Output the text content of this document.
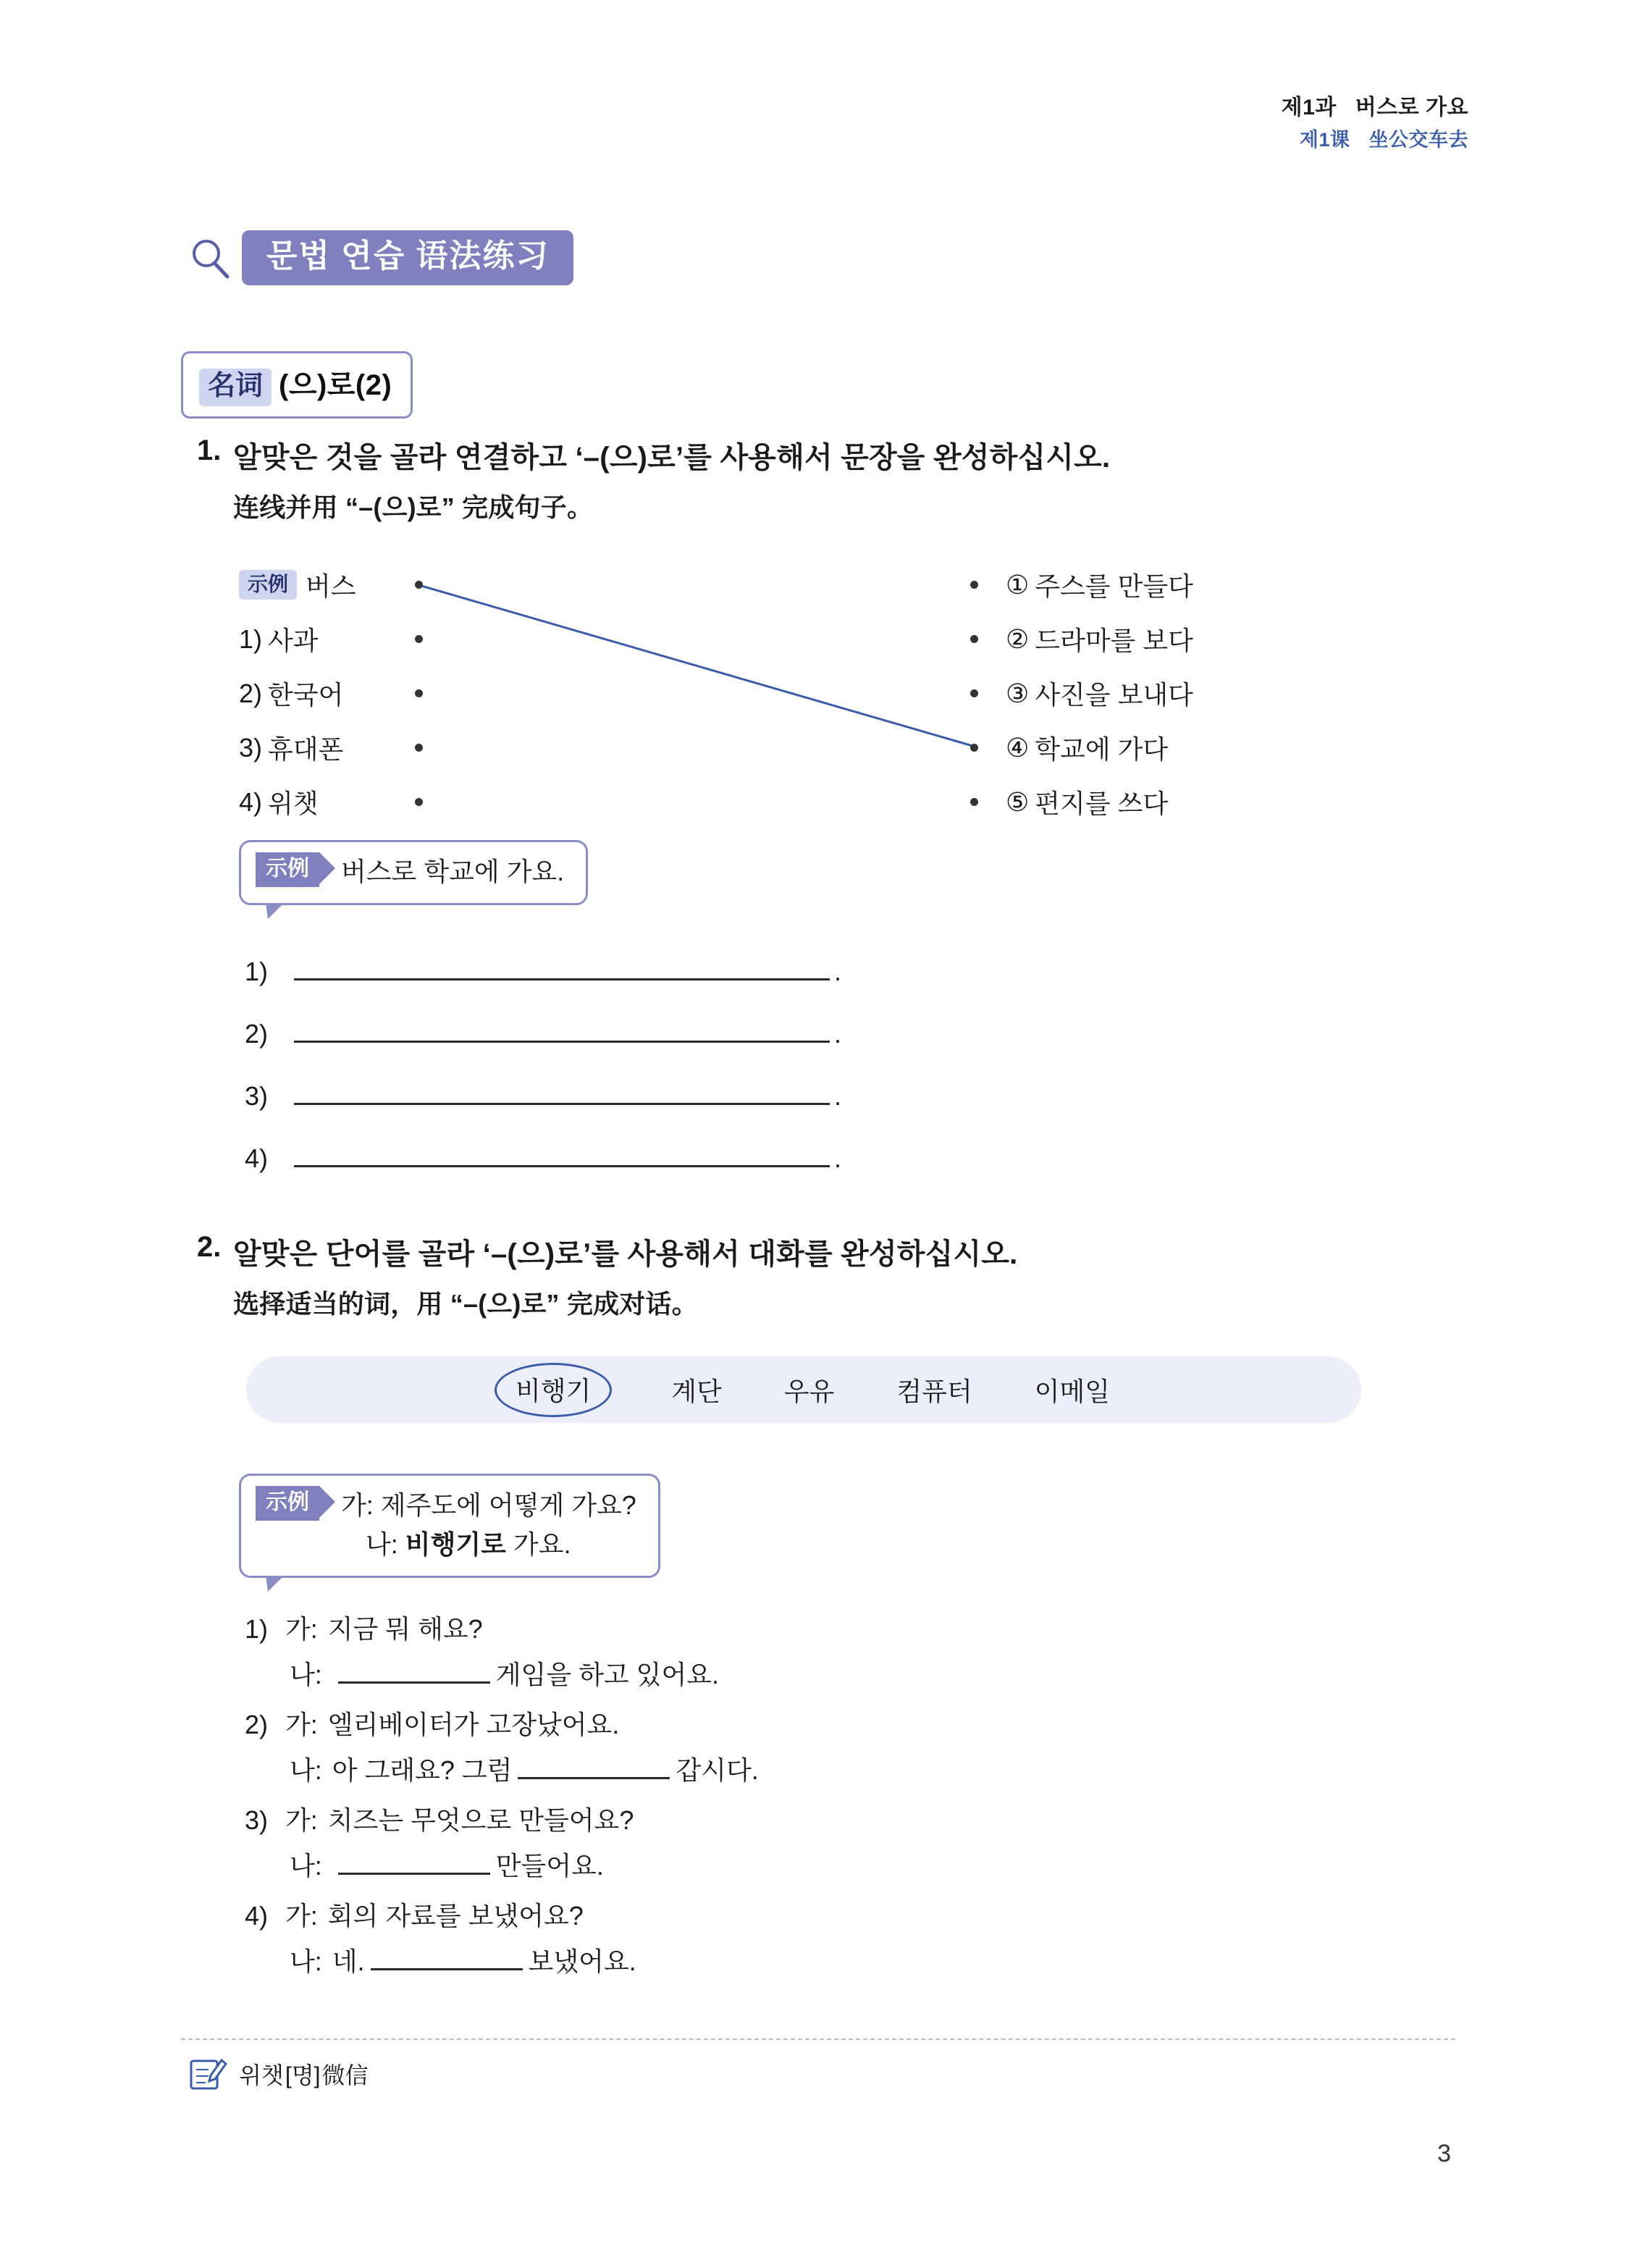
제1과 버스로 가요
제1课 坐公交车去
문법 연습 语法练习
名词 (으)로(2)
1. 알맞은 것을 골라 연결하고 ‘–(으)로’를 사용해서 문장을 완성하십시오.
连线并用 “–(으)로” 完成句子。
示例 버스
1) 사과
2) 한국어
3) 휴대폰
4) 위챗
① 주스를 만들다
② 드라마를 보다
③ 사진을 보내다
④ 학교에 가다
⑤ 편지를 쓰다
示例	버스로 학교에 가요.
1)	.
2)	.
3)	.
4)	.
2. 알맞은 단어를 골라 ‘–(으)로’를 사용해서 대화를 완성하십시오.
选择适当的词，用 “–(으)로” 完成对话。
비행기	계단 우유 컴퓨터 이메일
示例	가: 제주도에 어떻게 가요?
나: 비행기로 가요.
1) 가: 지금 뭐 해요?
나:	게임을 하고 있어요.
2) 가: 엘리베이터가 고장났어요.
나: 아 그래요? 그럼	갑시다.
3) 가: 치즈는 무엇으로 만들어요?
나:	만들어요.
4) 가: 회의 자료를 보냈어요?
나: 네.	보냈어요.
위챗 [명] 微信
3
